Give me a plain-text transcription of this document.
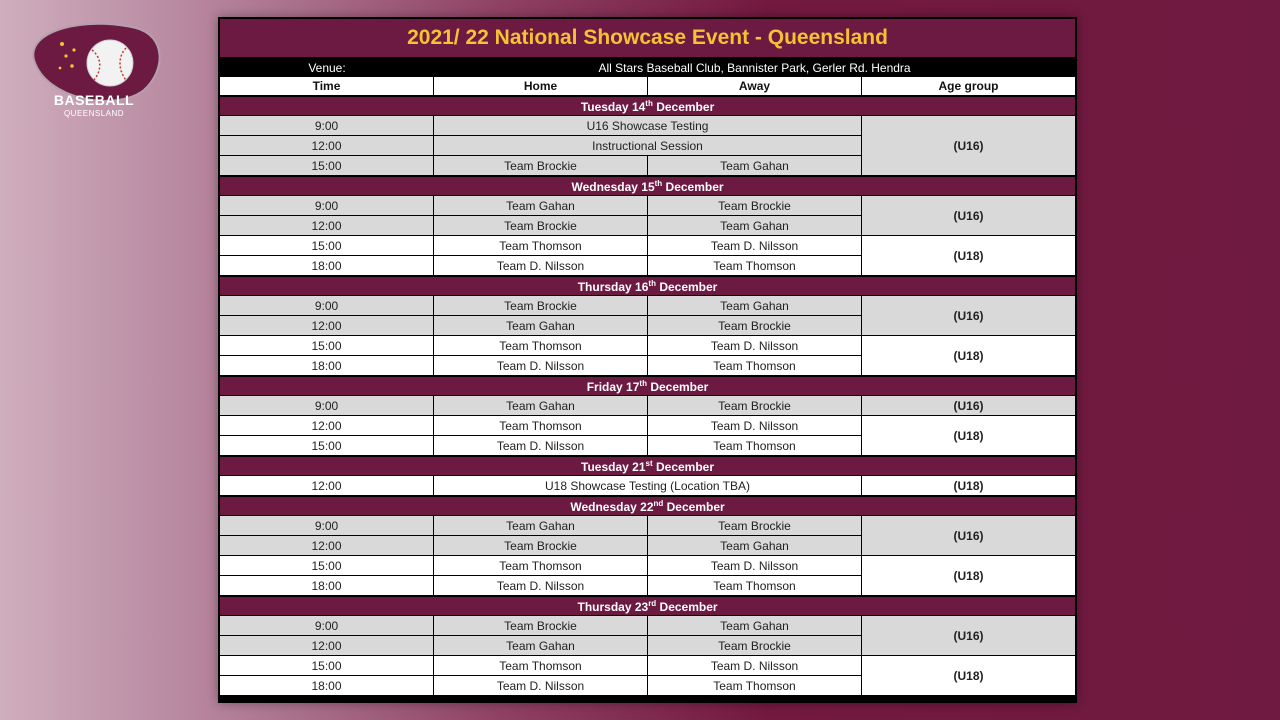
BASEBALL
QUEENSLAND
2021/ 22 National Showcase Event - Queensland			
Venue:	All Stars Baseball Club, Bannister Park, Gerler Rd. Hendra		
Time	Home	Away	Age group
Tuesday 14th December			
9:00	U16 Showcase Testing		(U16)
12:00	Instructional Session		
15:00	Team Brockie	Team Gahan	
Wednesday 15th December			
9:00	Team Gahan	Team Brockie	(U16)
12:00	Team Brockie	Team Gahan	
15:00	Team Thomson	Team D. Nilsson	(U18)
18:00	Team D. Nilsson	Team Thomson	
Thursday 16th December			
9:00	Team Brockie	Team Gahan	(U16)
12:00	Team Gahan	Team Brockie	
15:00	Team Thomson	Team D. Nilsson	(U18)
18:00	Team D. Nilsson	Team Thomson	
Friday 17th December			
9:00	Team Gahan	Team Brockie	(U16)
12:00	Team Thomson	Team D. Nilsson	(U18)
15:00	Team D. Nilsson	Team Thomson	
Tuesday 21st December			
12:00	U18 Showcase Testing (Location TBA)		(U18)
Wednesday 22nd December			
9:00	Team Gahan	Team Brockie	(U16)
12:00	Team Brockie	Team Gahan	
15:00	Team Thomson	Team D. Nilsson	(U18)
18:00	Team D. Nilsson	Team Thomson	
Thursday 23rd December			
9:00	Team Brockie	Team Gahan	(U16)
12:00	Team Gahan	Team Brockie	
15:00	Team Thomson	Team D. Nilsson	(U18)
18:00	Team D. Nilsson	Team Thomson	
